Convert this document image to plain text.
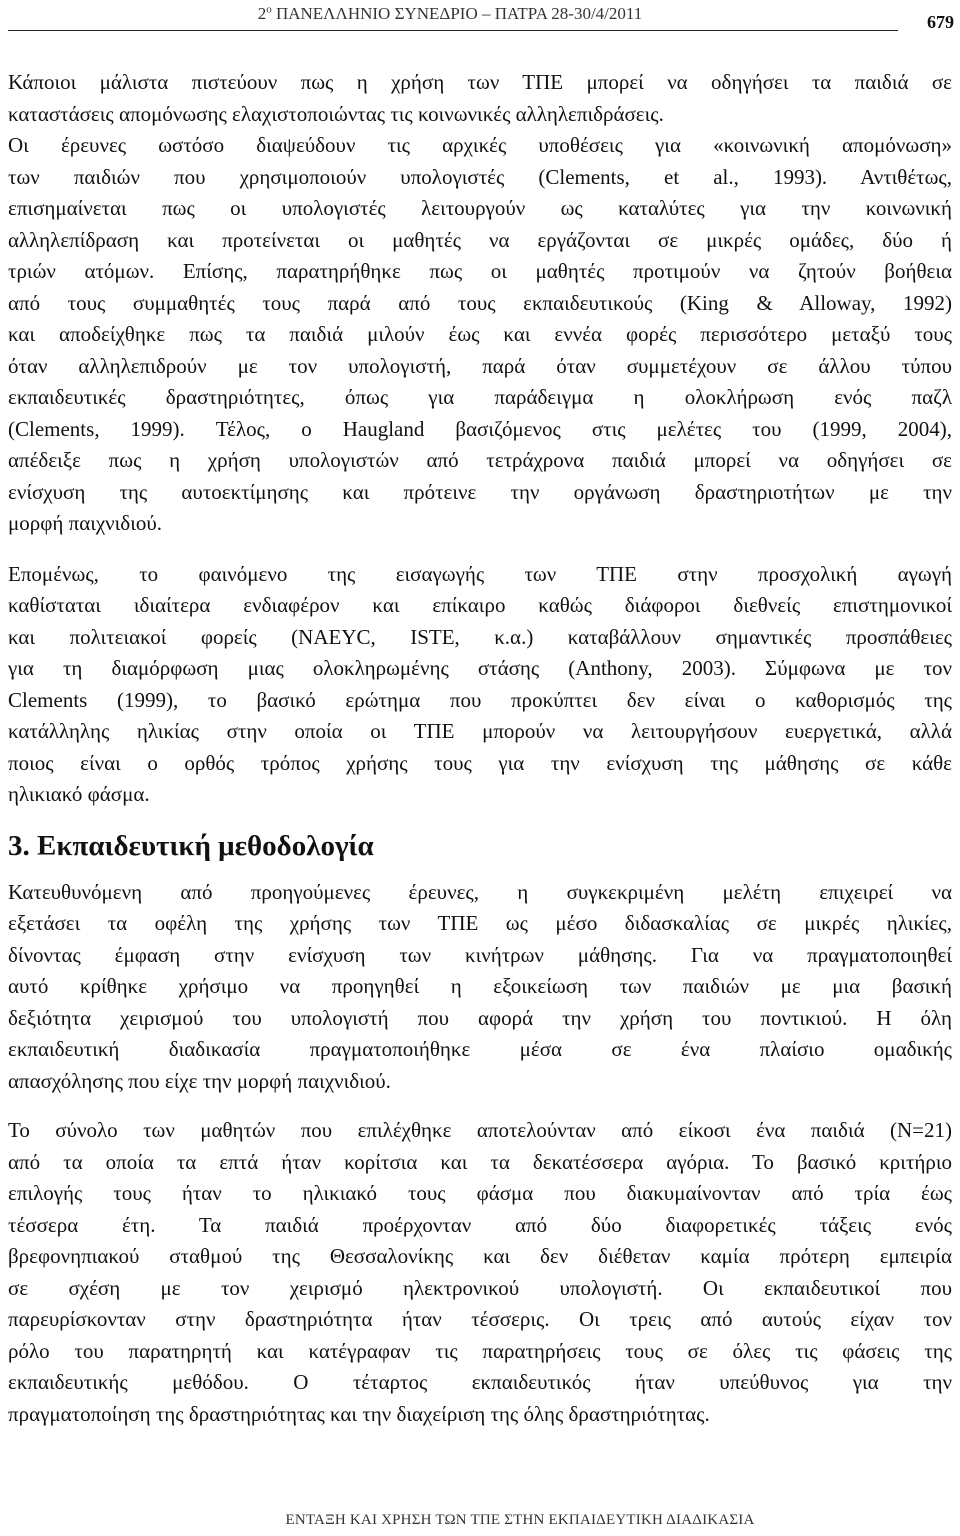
$2^o$ ΠΑΝΕΛΛΗΝΙΟ ΣΥΝΕΔΡΙΟ – ΠΑΤΡΑ 28-30/4/2011	679

Κάποιοι μάλιστα πιστεύουν πως η χρήση των ΤΠΕ μπορεί να οδηγήσει τα παιδιά σε
καταστάσεις απομόνωσης ελαχιστοποιώντας τις κοινωνικές αλληλεπιδράσεις.
Οι έρευνες ωστόσο διαψεύδουν τις αρχικές υποθέσεις για «κοινωνική απομόνωση»
των παιδιών που χρησιμοποιούν υπολογιστές (Clements, et al., 1993). Αντιθέτως,
επισημαίνεται πως οι υπολογιστές λειτουργούν ως καταλύτες για την κοινωνική
αλληλεπίδραση και προτείνεται οι μαθητές να εργάζονται σε μικρές ομάδες, δύο ή
τριών ατόμων. Επίσης, παρατηρήθηκε πως οι μαθητές προτιμούν να ζητούν βοήθεια
από τους συμμαθητές τους παρά από τους εκπαιδευτικούς (King & Alloway, 1992)
και αποδείχθηκε πως τα παιδιά μιλούν έως και εννέα φορές περισσότερο μεταξύ τους
όταν αλληλεπιδρούν με τον υπολογιστή, παρά όταν συμμετέχουν σε άλλου τύπου
εκπαιδευτικές δραστηριότητες, όπως για παράδειγμα η ολοκλήρωση ενός παζλ
(Clements, 1999). Τέλος, ο Haugland βασιζόμενος στις μελέτες του (1999, 2004),
απέδειξε πως η χρήση υπολογιστών από τετράχρονα παιδιά μπορεί να οδηγήσει σε
ενίσχυση της αυτοεκτίμησης και πρότεινε την οργάνωση δραστηριοτήτων με την
μορφή παιχνιδιού.

Επομένως, το φαινόμενο της εισαγωγής των ΤΠΕ στην προσχολική αγωγή
καθίσταται ιδιαίτερα ενδιαφέρον και επίκαιρο καθώς διάφοροι διεθνείς επιστημονικοί
και πολιτειακοί φορείς (NAEYC, ISTE, κ.α.) καταβάλλουν σημαντικές προσπάθειες
για τη διαμόρφωση μιας ολοκληρωμένης στάσης (Anthony, 2003). Σύμφωνα με τον
Clements (1999), το βασικό ερώτημα που προκύπτει δεν είναι ο καθορισμός της
κατάλληλης ηλικίας στην οποία οι ΤΠΕ μπορούν να λειτουργήσουν ευεργετικά, αλλά
ποιος είναι ο ορθός τρόπος χρήσης τους για την ενίσχυση της μάθησης σε κάθε
ηλικιακό φάσμα.

3. Εκπαιδευτική μεθοδολογία

Κατευθυνόμενη από προηγούμενες έρευνες, η συγκεκριμένη μελέτη επιχειρεί να
εξετάσει τα οφέλη της χρήσης των ΤΠΕ ως μέσο διδασκαλίας σε μικρές ηλικίες,
δίνοντας έμφαση στην ενίσχυση των κινήτρων μάθησης. Για να πραγματοποιηθεί
αυτό κρίθηκε χρήσιμο να προηγηθεί η εξοικείωση των παιδιών με μια βασική
δεξιότητα χειρισμού του υπολογιστή που αφορά την χρήση του ποντικιού. Η όλη
εκπαιδευτική διαδικασία πραγματοποιήθηκε μέσα σε ένα πλαίσιο ομαδικής
απασχόλησης που είχε την μορφή παιχνιδιού.

Το σύνολο των μαθητών που επιλέχθηκε αποτελούνταν από είκοσι ένα παιδιά (N=21)
από τα οποία τα επτά ήταν κορίτσια και τα δεκατέσσερα αγόρια. Το βασικό κριτήριο
επιλογής τους ήταν το ηλικιακό τους φάσμα που διακυμαίνονταν από τρία έως
τέσσερα έτη. Τα παιδιά προέρχονταν από δύο διαφορετικές τάξεις ενός
βρεφονηπιακού σταθμού της Θεσσαλονίκης και δεν διέθεταν καμία πρότερη εμπειρία
σε σχέση με τον χειρισμό ηλεκτρονικού υπολογιστή. Οι εκπαιδευτικοί που
παρευρίσκονταν στην δραστηριότητα ήταν τέσσερις. Οι τρεις από αυτούς είχαν τον
ρόλο του παρατηρητή και κατέγραφαν τις παρατηρήσεις τους σε όλες τις φάσεις της
εκπαιδευτικής μεθόδου. Ο τέταρτος εκπαιδευτικός ήταν υπεύθυνος για την
πραγματοποίηση της δραστηριότητας και την διαχείριση της όλης δραστηριότητας.

ΕΝΤΑΞΗ ΚΑΙ ΧΡΗΣΗ ΤΩΝ ΤΠΕ ΣΤΗΝ ΕΚΠΑΙΔΕΥΤΙΚΗ ΔΙΑΔΙΚΑΣΙΑ
